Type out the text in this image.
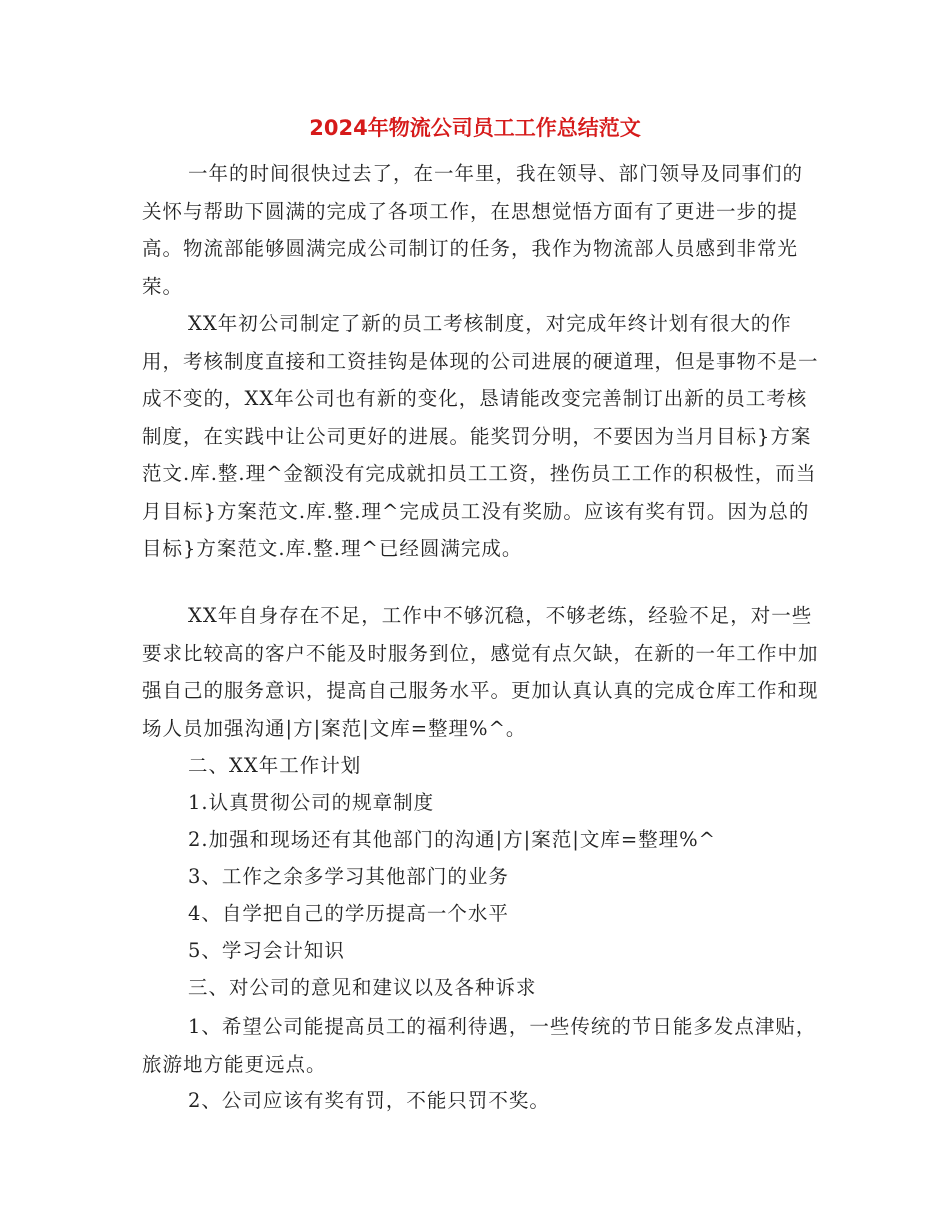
2024年物流公司员工工作总结范文
一年的时间很快过去了，在一年里，我在领导、部门领导及同事们的关怀与帮助下圆满的完成了各项工作，在思想觉悟方面有了更进一步的提高。物流部能够圆满完成公司制订的任务，我作为物流部人员感到非常光荣。
XX年初公司制定了新的员工考核制度，对完成年终计划有很大的作用，考核制度直接和工资挂钩是体现的公司进展的硬道理，但是事物不是一成不变的，XX年公司也有新的变化，恳请能改变完善制订出新的员工考核制度，在实践中让公司更好的进展。能奖罚分明，不要因为当月目标}方案范文.库.整.理^金额没有完成就扣员工工资，挫伤员工工作的积极性，而当月目标}方案范文.库.整.理^完成员工没有奖励。应该有奖有罚。因为总的目标}方案范文.库.整.理^已经圆满完成。
XX年自身存在不足，工作中不够沉稳，不够老练，经验不足，对一些要求比较高的客户不能及时服务到位，感觉有点欠缺，在新的一年工作中加强自己的服务意识，提高自己服务水平。更加认真认真的完成仓库工作和现场人员加强沟通|方|案范|文库=整理%^。
二、XX年工作计划
1.认真贯彻公司的规章制度
2.加强和现场还有其他部门的沟通|方|案范|文库=整理%^
3、工作之余多学习其他部门的业务
4、自学把自己的学历提高一个水平
5、学习会计知识
三、对公司的意见和建议以及各种诉求
1、希望公司能提高员工的福利待遇，一些传统的节日能多发点津贴，旅游地方能更远点。
2、公司应该有奖有罚，不能只罚不奖。
